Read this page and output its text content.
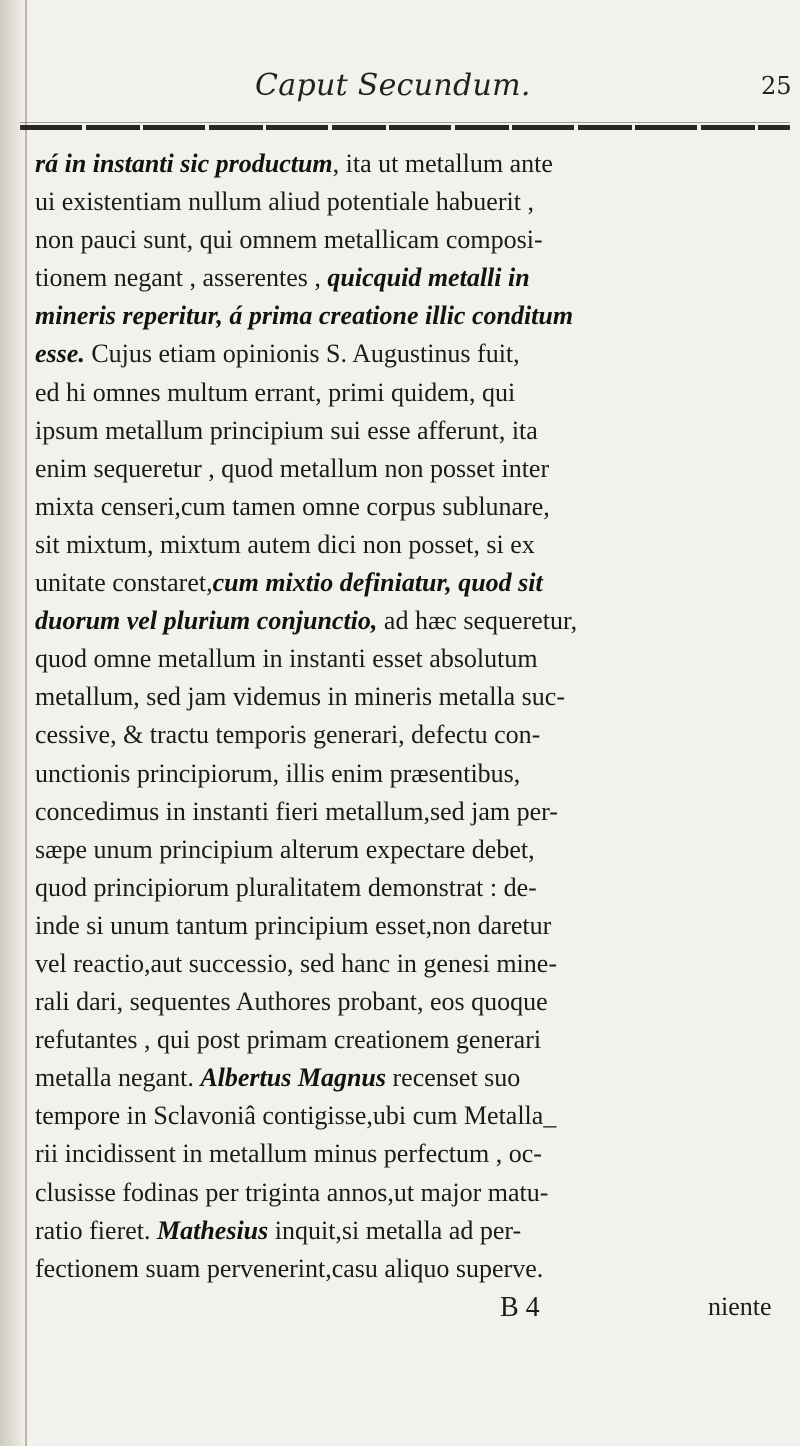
Caput Secundum.	25
rá in instanti sic productum, ita ut metallum ante
ui existentiam nullum aliud potentiale habuerit ,
non pauci sunt, qui omnem metallicam composi-
tionem negant , asserentes , quicquid metalli in
mineris reperitur, á prima creatione illic conditum
esse. Cujus etiam opinionis S. Augustinus fuit,
ed hi omnes multum errant, primi quidem, qui
ipsum metallum principium sui esse afferunt, ita
enim sequeretur , quod metallum non posset inter
mixta censeri,cum tamen omne corpus sublunare,
sit mixtum, mixtum autem dici non posset, si ex
unitate constaret,cum mixtio definiatur, quod sit
duorum vel plurium conjunctio, ad hæc sequeretur,
quod omne metallum in instanti esset absolutum
metallum, sed jam videmus in mineris metalla suc-
cessive, & tractu temporis generari, defectu con-
unctionis principiorum, illis enim præsentibus,
concedimus in instanti fieri metallum,sed jam per-
sæpe unum principium alterum expectare debet,
quod principiorum pluralitatem demonstrat : de-
inde si unum tantum principium esset,non daretur
vel reactio,aut successio, sed hanc in genesi mine-
rali dari, sequentes Authores probant, eos quoque
refutantes , qui post primam creationem generari
metalla negant. Albertus Magnus recenset suo
tempore in Sclavoniâ contigisse,ubi cum Metalla_
rii incidissent in metallum minus perfectum , oc-
clusisse fodinas per triginta annos,ut major matu-
ratio fieret. Mathesius inquit,si metalla ad per-
fectionem suam pervenerint,casu aliquo superve.
B 4	niente
